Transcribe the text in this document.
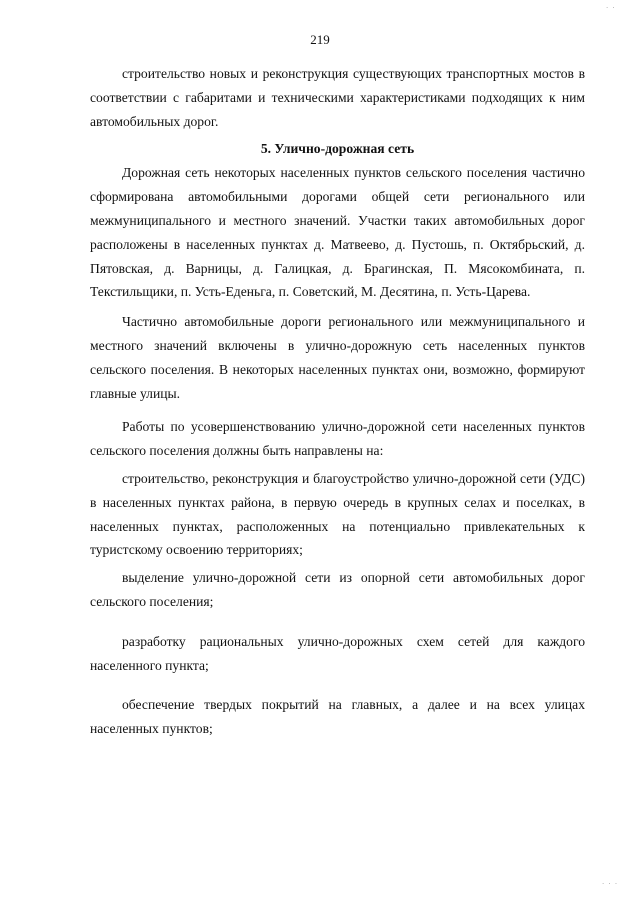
219

строительство новых и реконструкция существующих транспортных мостов в соответствии с габаритами и техническими характеристиками подходящих к ним автомобильных дорог.

5. Улично-дорожная сеть

Дорожная сеть некоторых населенных пунктов сельского поселения частично сформирована автомобильными дорогами общей сети регионального или межмуниципального и местного значений. Участки таких автомобильных дорог расположены в населенных пунктах д. Матвеево, д. Пустошь, п. Октябрьский, д. Пятовская, д. Варницы, д. Галицкая, д. Брагинская, П. Мясокомбината, п. Текстильщики, п. Усть-Еденьга, п. Советский, М. Десятина, п. Усть-Царева.

Частично автомобильные дороги регионального или межмуниципального и местного значений включены в улично-дорожную сеть населенных пунктов сельского поселения. В некоторых населенных пунктах они, возможно, формируют главные улицы.

Работы по усовершенствованию улично-дорожной сети населенных пунктов сельского поселения должны быть направлены на:

строительство, реконструкция и благоустройство улично-дорожной сети (УДС) в населенных пунктах района, в первую очередь в крупных селах и поселках, в населенных пунктах, расположенных на потенциально привлекательных к туристскому освоению территориях;

выделение улично-дорожной сети из опорной сети автомобильных дорог сельского поселения;

разработку рациональных улично-дорожных схем сетей для каждого населенного пункта;

обеспечение твердых покрытий на главных, а далее и на всех улицах населенных пунктов;

. .
. . .
